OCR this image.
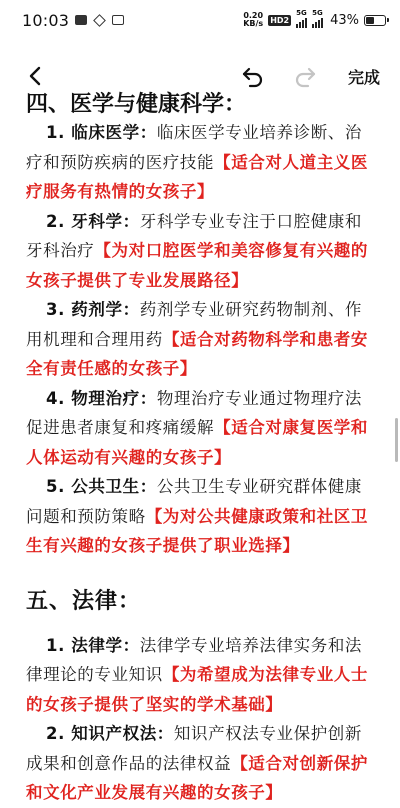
10:03	0.20
KB/s HD2
5G 5G 43%
完成
四、医学与健康科学：

1. 临床医学：临床医学专业培养诊断、治疗和预防疾病的医疗技能【适合对人道主义医疗服务有热情的女孩子】

2. 牙科学：牙科学专业专注于口腔健康和牙科治疗【为对口腔医学和美容修复有兴趣的女孩子提供了专业发展路径】

3. 药剂学：药剂学专业研究药物制剂、作用机理和合理用药【适合对药物科学和患者安全有责任感的女孩子】

4. 物理治疗：物理治疗专业通过物理疗法促进患者康复和疼痛缓解【适合对康复医学和人体运动有兴趣的女孩子】

5. 公共卫生：公共卫生专业研究群体健康问题和预防策略【为对公共健康政策和社区卫生有兴趣的女孩子提供了职业选择】

五、法律：

1. 法律学：法律学专业培养法律实务和法律理论的专业知识【为希望成为法律专业人士的女孩子提供了坚实的学术基础】

2. 知识产权法：知识产权法专业保护创新成果和创意作品的法律权益【适合对创新保护和文化产业发展有兴趣的女孩子】
